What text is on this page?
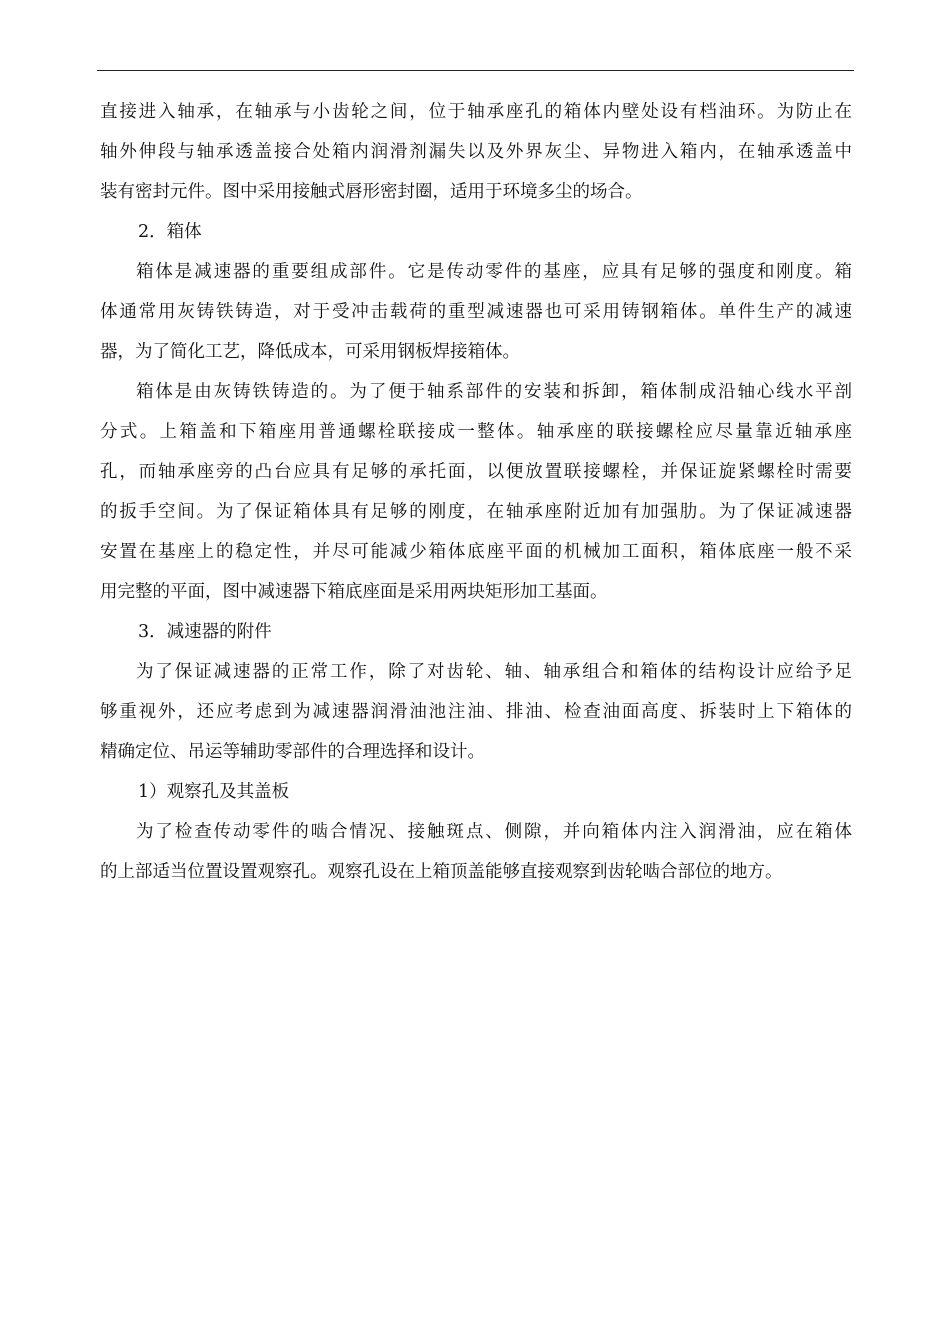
直接进入轴承，在轴承与小齿轮之间，位于轴承座孔的箱体内壁处设有档油环。为防止在
轴外伸段与轴承透盖接合处箱内润滑剂漏失以及外界灰尘、异物进入箱内，在轴承透盖中
装有密封元件。图中采用接触式唇形密封圈，适用于环境多尘的场合。

2．箱体

箱体是减速器的重要组成部件。它是传动零件的基座，应具有足够的强度和刚度。箱
体通常用灰铸铁铸造，对于受冲击载荷的重型减速器也可采用铸钢箱体。单件生产的减速
器，为了简化工艺，降低成本，可采用钢板焊接箱体。

箱体是由灰铸铁铸造的。为了便于轴系部件的安装和拆卸，箱体制成沿轴心线水平剖
分式。上箱盖和下箱座用普通螺栓联接成一整体。轴承座的联接螺栓应尽量靠近轴承座
孔，而轴承座旁的凸台应具有足够的承托面，以便放置联接螺栓，并保证旋紧螺栓时需要
的扳手空间。为了保证箱体具有足够的刚度，在轴承座附近加有加强肋。为了保证减速器
安置在基座上的稳定性，并尽可能减少箱体底座平面的机械加工面积，箱体底座一般不采
用完整的平面，图中减速器下箱底座面是采用两块矩形加工基面。

3．减速器的附件

为了保证减速器的正常工作，除了对齿轮、轴、轴承组合和箱体的结构设计应给予足
够重视外，还应考虑到为减速器润滑油池注油、排油、检查油面高度、拆装时上下箱体的
精确定位、吊运等辅助零部件的合理选择和设计。

1）观察孔及其盖板

为了检查传动零件的啮合情况、接触斑点、侧隙，并向箱体内注入润滑油，应在箱体
的上部适当位置设置观察孔。观察孔设在上箱顶盖能够直接观察到齿轮啮合部位的地方。
